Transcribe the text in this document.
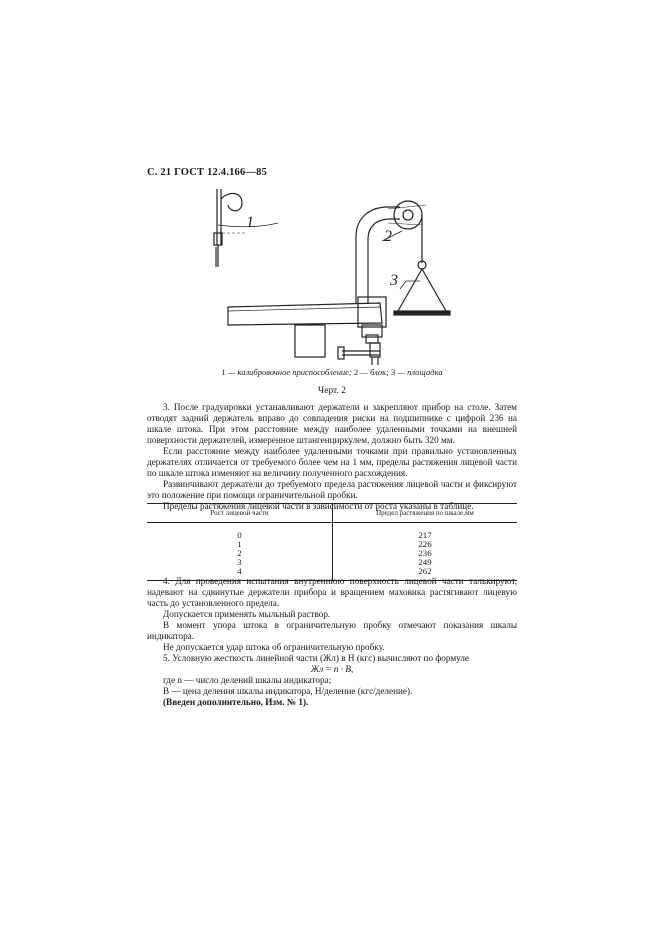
С. 21 ГОСТ 12.4.166—85
1
2
3
1 — калибровочное приспособление; 2 — блок; 3 — площадка
Черт. 2

3. После градуировки устанавливают держатели и закрепляют прибор на столе. Затем отводят задний держатель вправо до совпадения риски на подшипнике с цифрой 236 на шкале штока. При этом расстояние между наиболее удаленными точками на внешней поверхности держателей, измеренное штангенциркулем, должно быть 320 мм.

Если расстояние между наиболее удаленными точками при правильно установленных держателях отличается от требуемого более чем на 1 мм, пределы растяжения лицевой части по шкале штока изменяют на величину полученного расхождения.

Развинчивают держатели до требуемого предела растяжения лицевой части и фиксируют это положение при помощи ограничительной пробки.

Пределы растяжения лицевой части в зависимости от роста указаны в таблице.

Рост лицевой части	Предел растяжения по шкале,мм
0	217
1	226
2	236
3	249
4	262

4. Для проведения испытания внутреннюю поверхность лицевой части талькируют, надевают на сдвинутые держатели прибора и вращением маховика растягивают лицевую часть до установленного предела.

Допускается применять мыльный раствор.

В момент упора штока в ограничительную пробку отмечают показания шкалы индикатора.

Не допускается удар штока об ограничительную пробку.

5. Условную жесткость линейной части (Жл) в Н (кгс) вычисляют по формуле

Жл = n · B,

где n — число делений шкалы индикатора;

B — цена деления шкалы индикатора, Н/деление (кгс/деление).

(Введен дополнительно, Изм. № 1).
